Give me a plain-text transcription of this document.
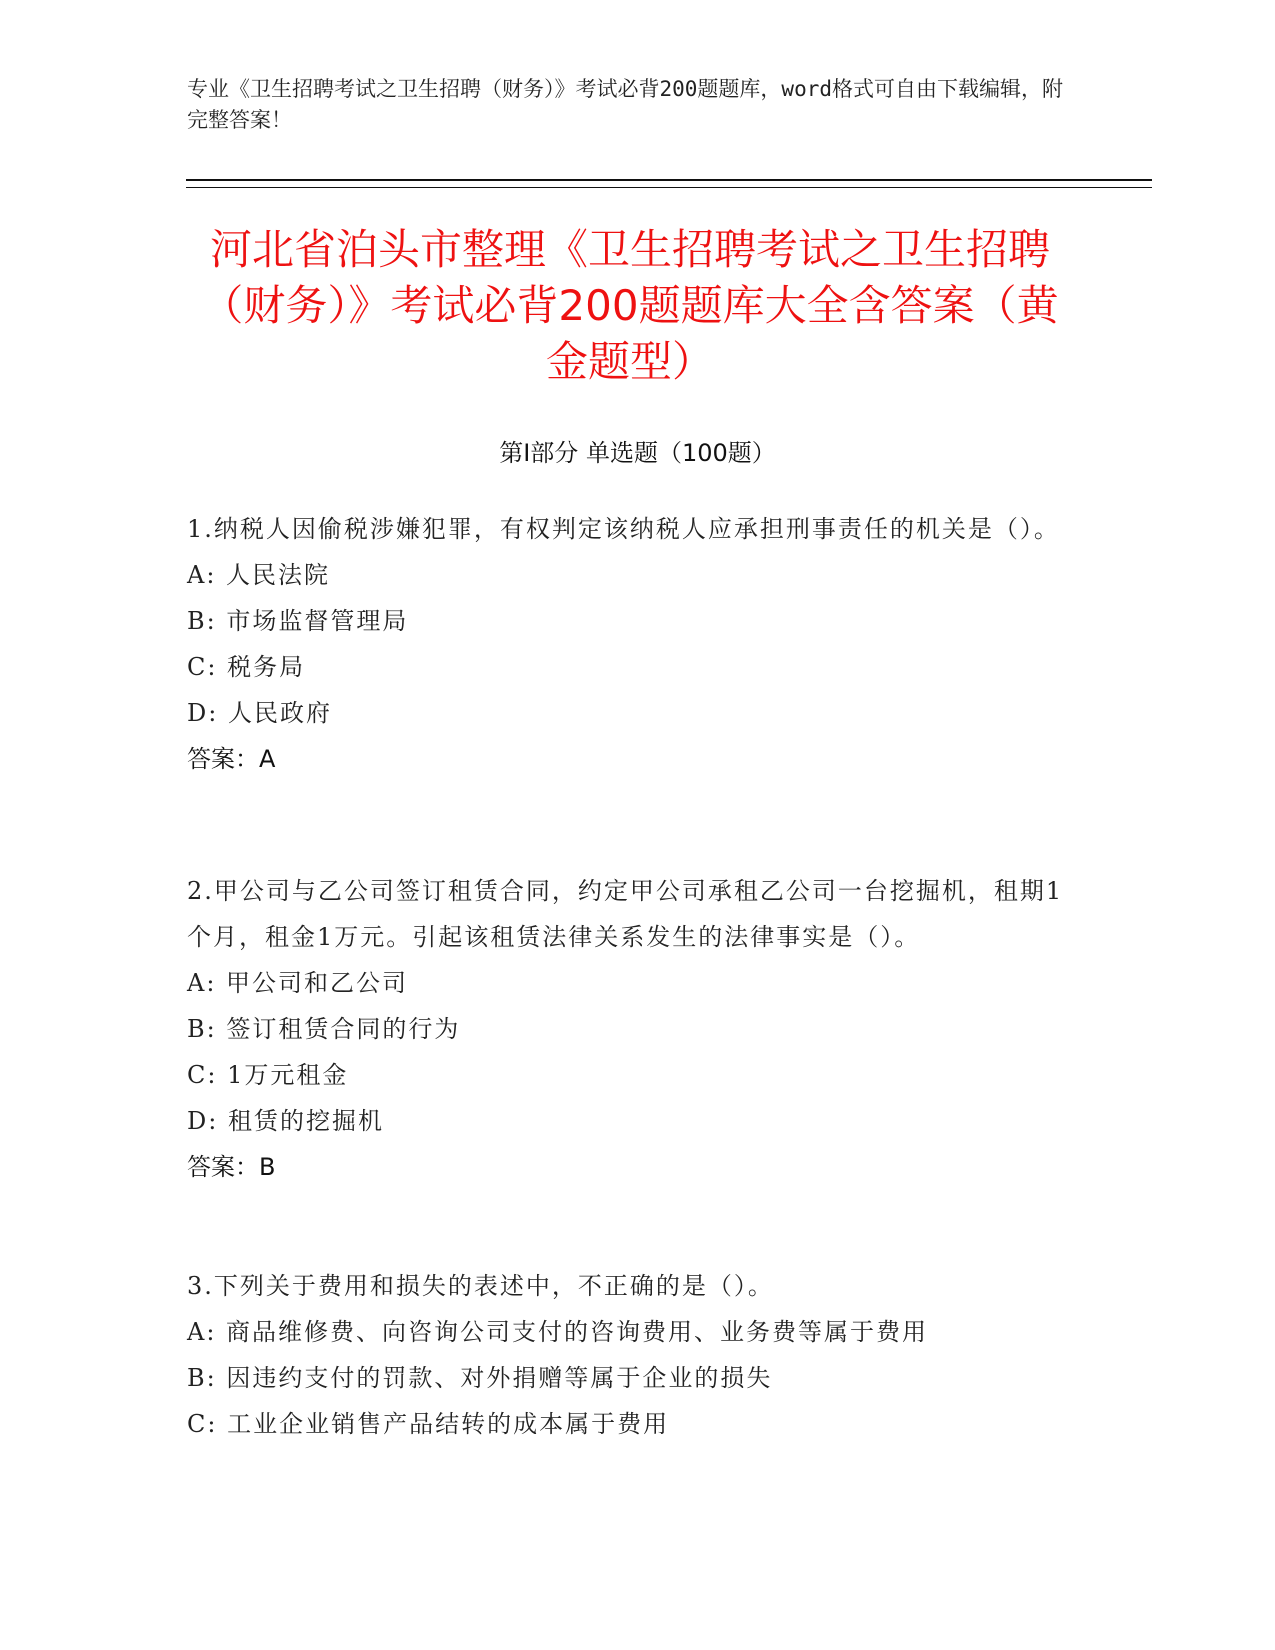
专业《卫生招聘考试之卫生招聘（财务）》考试必背200题题库，word格式可自由下载编辑，附完整答案！
河北省泊头市整理《卫生招聘考试之卫生招聘（财务）》考试必背200题题库大全含答案（黄金题型）
第I部分 单选题（100题）
1.纳税人因偷税涉嫌犯罪，有权判定该纳税人应承担刑事责任的机关是（）。
A: 人民法院
B: 市场监督管理局
C: 税务局
D: 人民政府
答案：A
2.甲公司与乙公司签订租赁合同，约定甲公司承租乙公司一台挖掘机，租期1个月，租金1万元。引起该租赁法律关系发生的法律事实是（）。
A: 甲公司和乙公司
B: 签订租赁合同的行为
C: 1万元租金
D: 租赁的挖掘机
答案：B
3.下列关于费用和损失的表述中，不正确的是（）。
A: 商品维修费、向咨询公司支付的咨询费用、业务费等属于费用
B: 因违约支付的罚款、对外捐赠等属于企业的损失
C: 工业企业销售产品结转的成本属于费用
